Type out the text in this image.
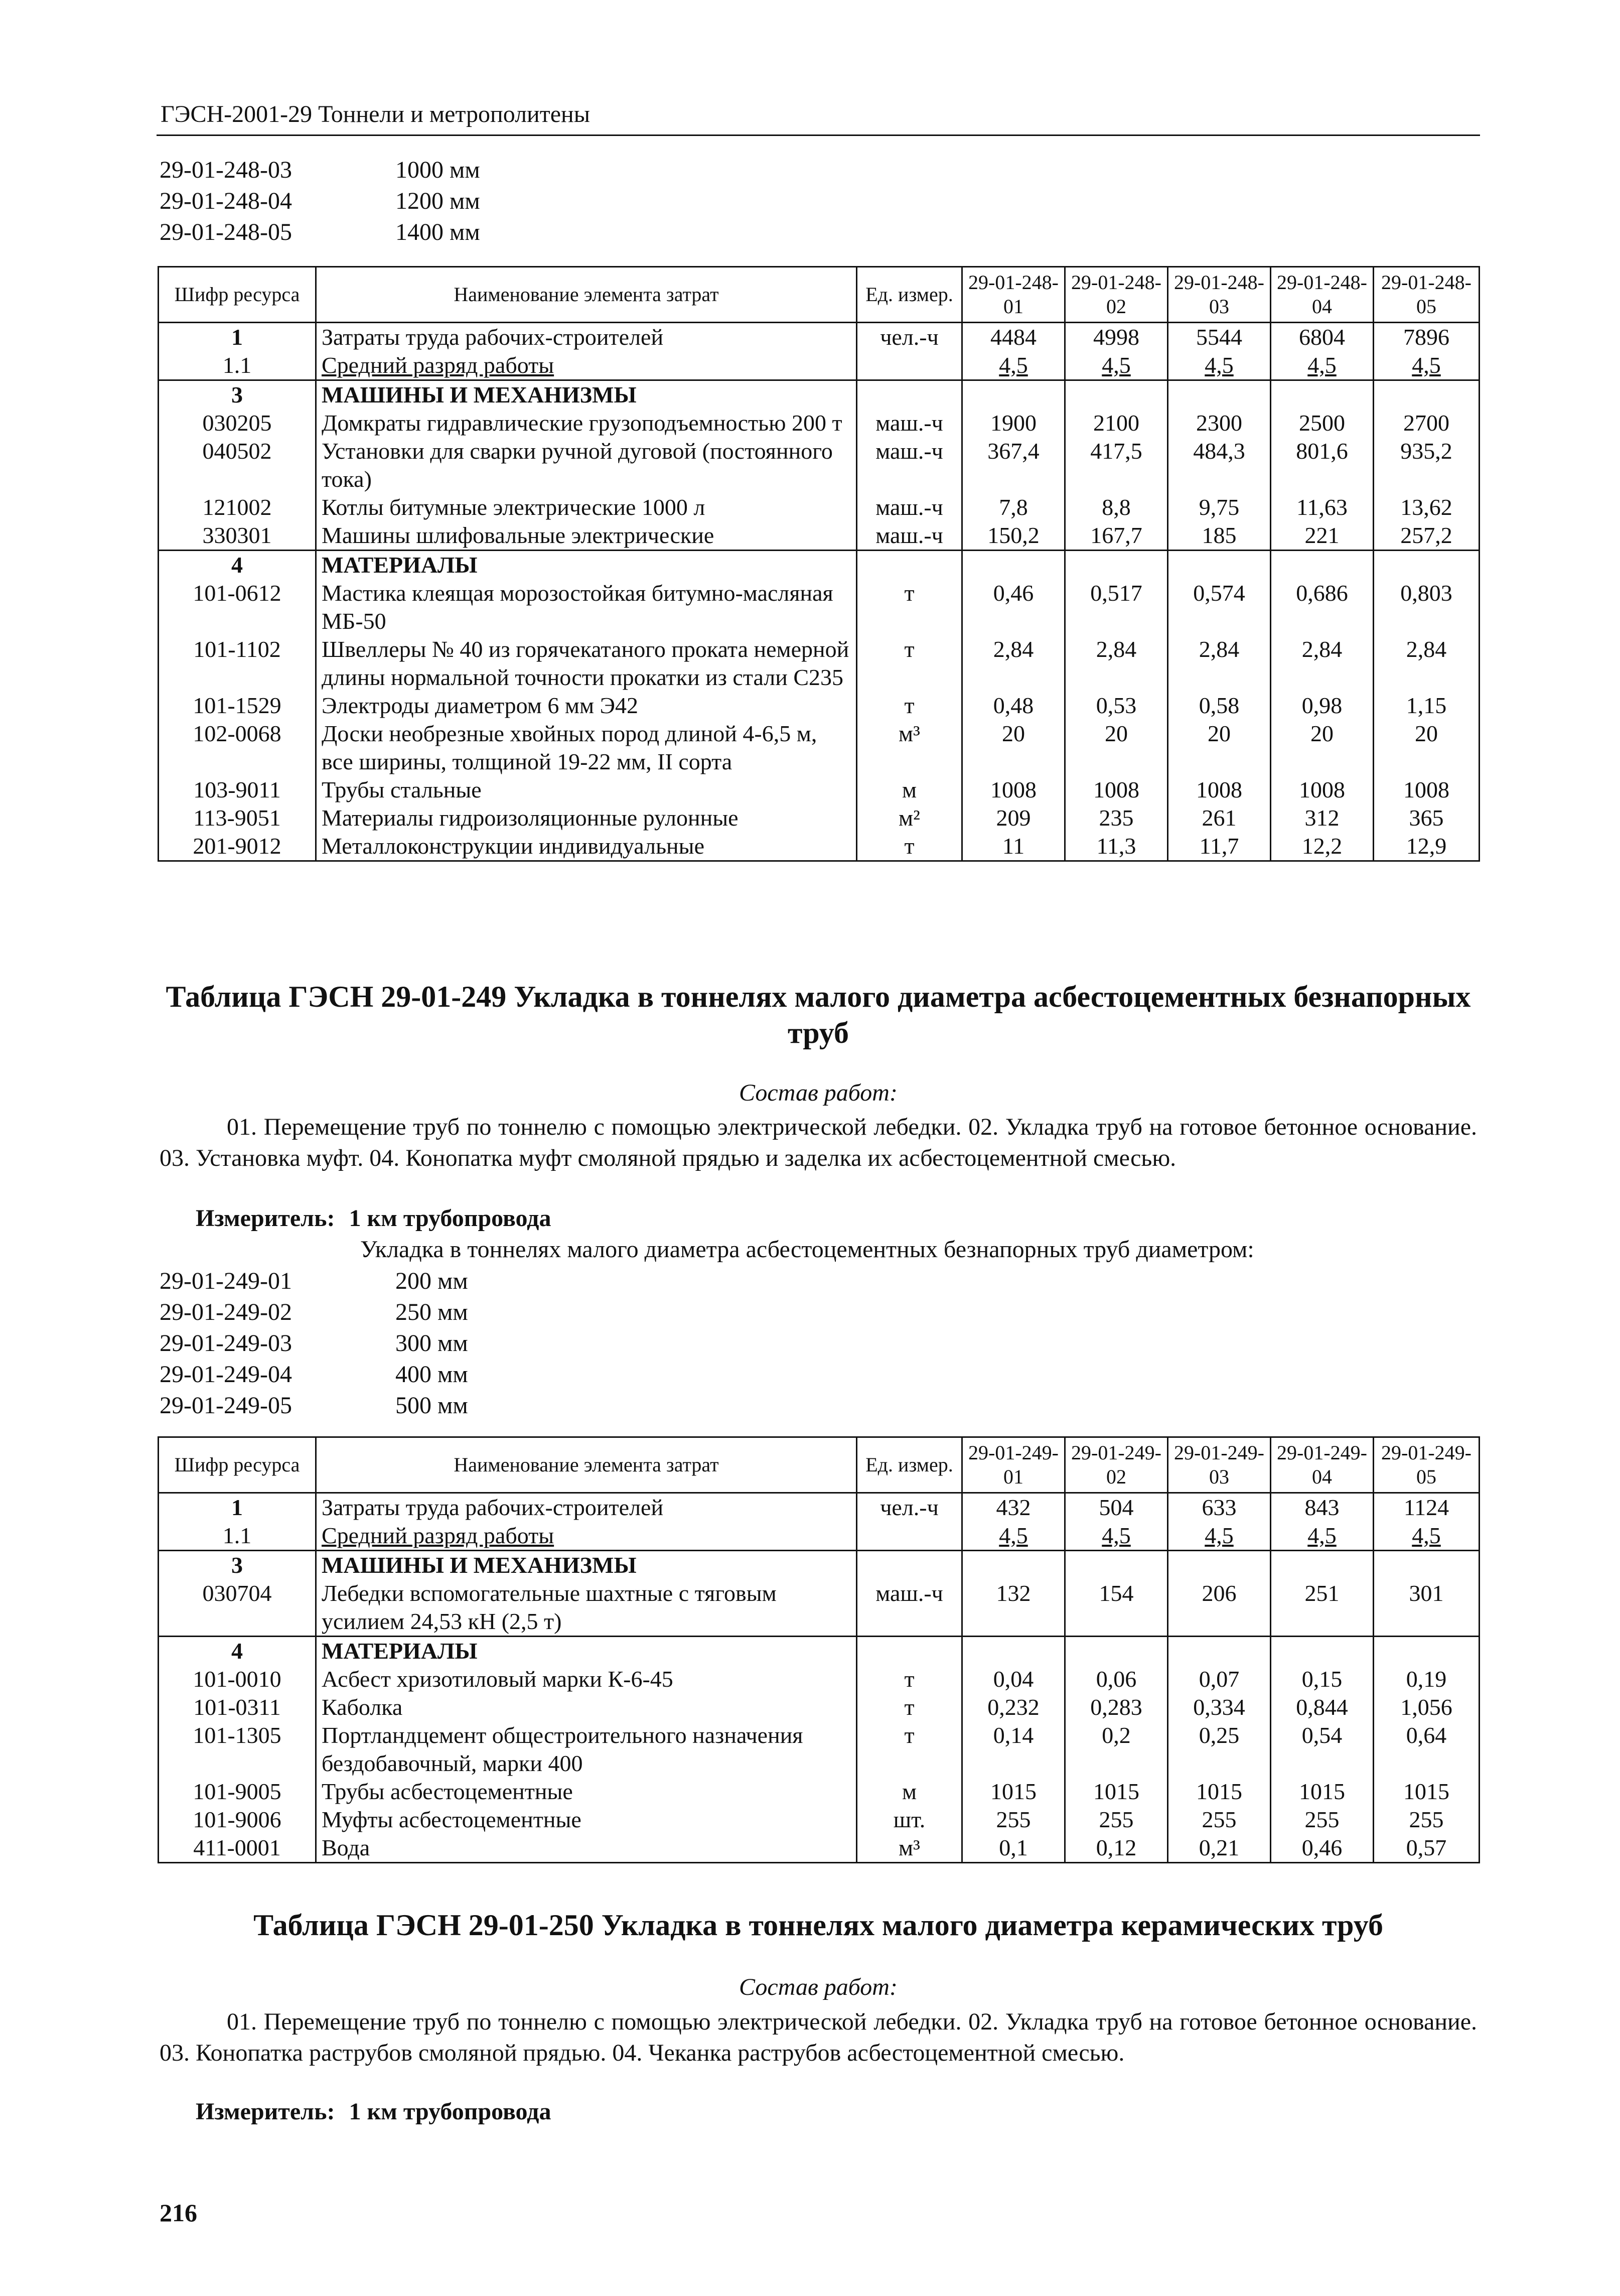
ГЭСН-2001-29 Тоннели и метрополитены
29-01-248-03	1000 мм
29-01-248-04	1200 мм
29-01-248-05	1400 мм
Шифр ресурса	Наименование элемента затрат	Ед. измер.	29-01-248-01	29-01-248-02	29-01-248-03	29-01-248-04	29-01-248-05
1	Затраты труда рабочих-строителей	чел.-ч	4484	4998	5544	6804	7896
1.1	Средний разряд работы		4,5	4,5	4,5	4,5	4,5
3	МАШИНЫ И МЕХАНИЗМЫ						
030205	Домкраты гидравлические грузоподъемностью 200 т	маш.-ч	1900	2100	2300	2500	2700
040502	Установки для сварки ручной дуговой (постоянного тока)	маш.-ч	367,4	417,5	484,3	801,6	935,2
121002	Котлы битумные электрические 1000 л	маш.-ч	7,8	8,8	9,75	11,63	13,62
330301	Машины шлифовальные электрические	маш.-ч	150,2	167,7	185	221	257,2
4	МАТЕРИАЛЫ						
101-0612	Мастика клеящая морозостойкая битумно-масляная МБ-50	т	0,46	0,517	0,574	0,686	0,803
101-1102	Швеллеры № 40 из горячекатаного проката немерной длины нормальной точности прокатки из стали С235	т	2,84	2,84	2,84	2,84	2,84
101-1529	Электроды диаметром 6 мм Э42	т	0,48	0,53	0,58	0,98	1,15
102-0068	Доски необрезные хвойных пород длиной 4-6,5 м, все ширины, толщиной 19-22 мм, II сорта	м³	20	20	20	20	20
103-9011	Трубы стальные	м	1008	1008	1008	1008	1008
113-9051	Материалы гидроизоляционные рулонные	м²	209	235	261	312	365
201-9012	Металлоконструкции индивидуальные	т	11	11,3	11,7	12,2	12,9
Таблица ГЭСН 29-01-249 Укладка в тоннелях малого диаметра асбестоцементных безнапорных труб
Состав работ:
01. Перемещение труб по тоннелю с помощью электрической лебедки. 02. Укладка труб на готовое бетонное основание. 03. Установка муфт. 04. Конопатка муфт смоляной прядью и заделка их асбестоцементной смесью.
Измеритель: 1 км трубопровода
Укладка в тоннелях малого диаметра асбестоцементных безнапорных труб диаметром:
29-01-249-01	200 мм
29-01-249-02	250 мм
29-01-249-03	300 мм
29-01-249-04	400 мм
29-01-249-05	500 мм
Шифр ресурса	Наименование элемента затрат	Ед. измер.	29-01-249-01	29-01-249-02	29-01-249-03	29-01-249-04	29-01-249-05
1	Затраты труда рабочих-строителей	чел.-ч	432	504	633	843	1124
1.1	Средний разряд работы		4,5	4,5	4,5	4,5	4,5
3	МАШИНЫ И МЕХАНИЗМЫ						
030704	Лебедки вспомогательные шахтные с тяговым усилием 24,53 кН (2,5 т)	маш.-ч	132	154	206	251	301
4	МАТЕРИАЛЫ						
101-0010	Асбест хризотиловый марки К-6-45	т	0,04	0,06	0,07	0,15	0,19
101-0311	Каболка	т	0,232	0,283	0,334	0,844	1,056
101-1305	Портландцемент общестроительного назначения бездобавочный, марки 400	т	0,14	0,2	0,25	0,54	0,64
101-9005	Трубы асбестоцементные	м	1015	1015	1015	1015	1015
101-9006	Муфты асбестоцементные	шт.	255	255	255	255	255
411-0001	Вода	м³	0,1	0,12	0,21	0,46	0,57
Таблица ГЭСН 29-01-250 Укладка в тоннелях малого диаметра керамических труб
Состав работ:
01. Перемещение труб по тоннелю с помощью электрической лебедки. 02. Укладка труб на готовое бетонное основание. 03. Конопатка раструбов смоляной прядью. 04. Чеканка раструбов асбестоцементной смесью.
Измеритель: 1 км трубопровода
216
